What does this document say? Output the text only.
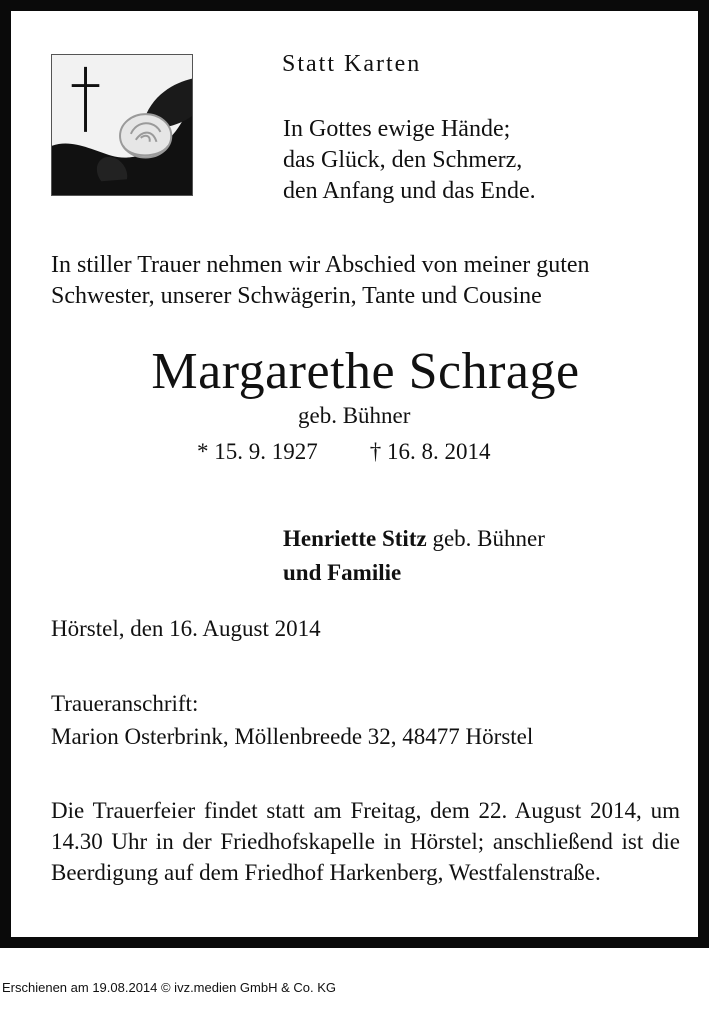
Statt Karten

In Gottes ewige Hände;
das Glück, den Schmerz,
den Anfang und das Ende.
In stiller Trauer nehmen wir Abschied von meiner guten
Schwester, unserer Schwägerin, Tante und Cousine

Margarethe Schrage

geb. Bühner

* 15. 9. 1927 † 16. 8. 2014

Henriette Stitz geb. Bühner
und Familie

Hörstel, den 16. August 2014

Traueranschrift:
Marion Osterbrink, Möllenbreede 32, 48477 Hörstel

Die Trauerfeier findet statt am Freitag, dem 22. August 2014, um 14.30 Uhr in der Friedhofskapelle in Hörstel; anschließend ist die Beerdigung auf dem Friedhof Harkenberg, Westfalenstraße.

Erschienen am 19.08.2014 © ivz.medien GmbH & Co. KG
